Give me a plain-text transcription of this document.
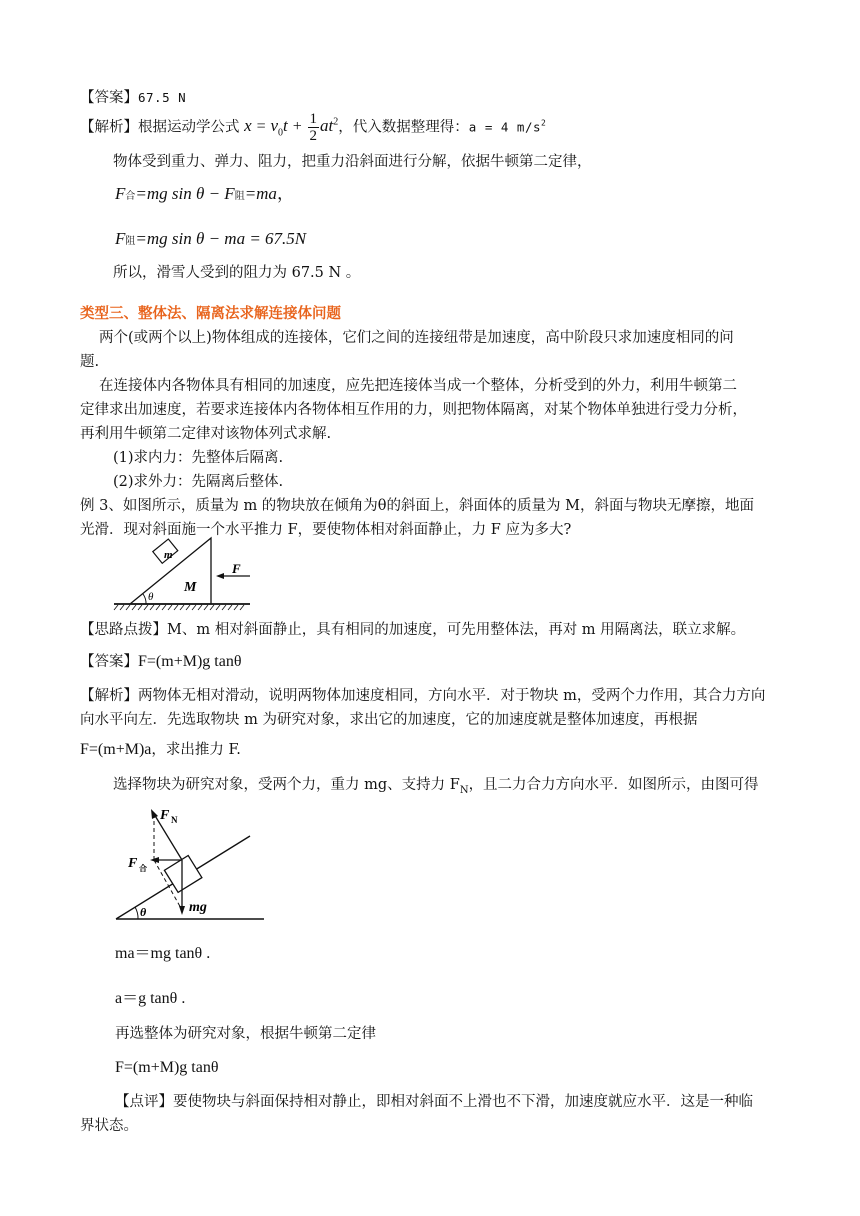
【答案】67.5 N
【解析】根据运动学公式 $x = v_0t + \frac{1}{2} at^2$，代入数据整理得：a = 4 $m/s^2$
物体受到重力、弹力、阻力，把重力沿斜面进行分解，依据牛顿第二定律，
F合=mg sin θ − F阻=ma，
F阻=mg sin θ − ma = 67.5N
所以，滑雪人受到的阻力为 67.5 N 。
类型三、整体法、隔离法求解连接体问题
两个(或两个以上)物体组成的连接体，它们之间的连接纽带是加速度，高中阶段只求加速度相同的问
题.
在连接体内各物体具有相同的加速度，应先把连接体当成一个整体，分析受到的外力，利用牛顿第二
定律求出加速度，若要求连接体内各物体相互作用的力，则把物体隔离，对某个物体单独进行受力分析，
再利用牛顿第二定律对该物体列式求解.
(1)求内力：先整体后隔离.
(2)求外力：先隔离后整体.
例 3、如图所示，质量为 m 的物块放在倾角为θ的斜面上，斜面体的质量为 M，斜面与物块无摩擦，地面
光滑．现对斜面施一个水平推力 F，要使物体相对斜面静止，力 F 应为多大?
m
M
θ
F
【思路点拨】M、m 相对斜面静止，具有相同的加速度，可先用整体法，再对 m 用隔离法，联立求解。
【答案】F=(m+M)g tanθ
【解析】两物体无相对滑动，说明两物体加速度相同，方向水平．对于物块 m，受两个力作用，其合力方向
向水平向左．先选取物块 m 为研究对象，求出它的加速度，它的加速度就是整体加速度，再根据
F=(m+M)a，求出推力 F.
选择物块为研究对象，受两个力，重力 mg、支持力 $F_N$，且二力合力方向水平．如图所示，由图可得
θ	mg
F N
F 合
ma＝mg tanθ .
a＝g tanθ .
再选整体为研究对象，根据牛顿第二定律
F=(m+M)g tanθ
【点评】要使物块与斜面保持相对静止，即相对斜面不上滑也不下滑，加速度就应水平．这是一种临
界状态。
